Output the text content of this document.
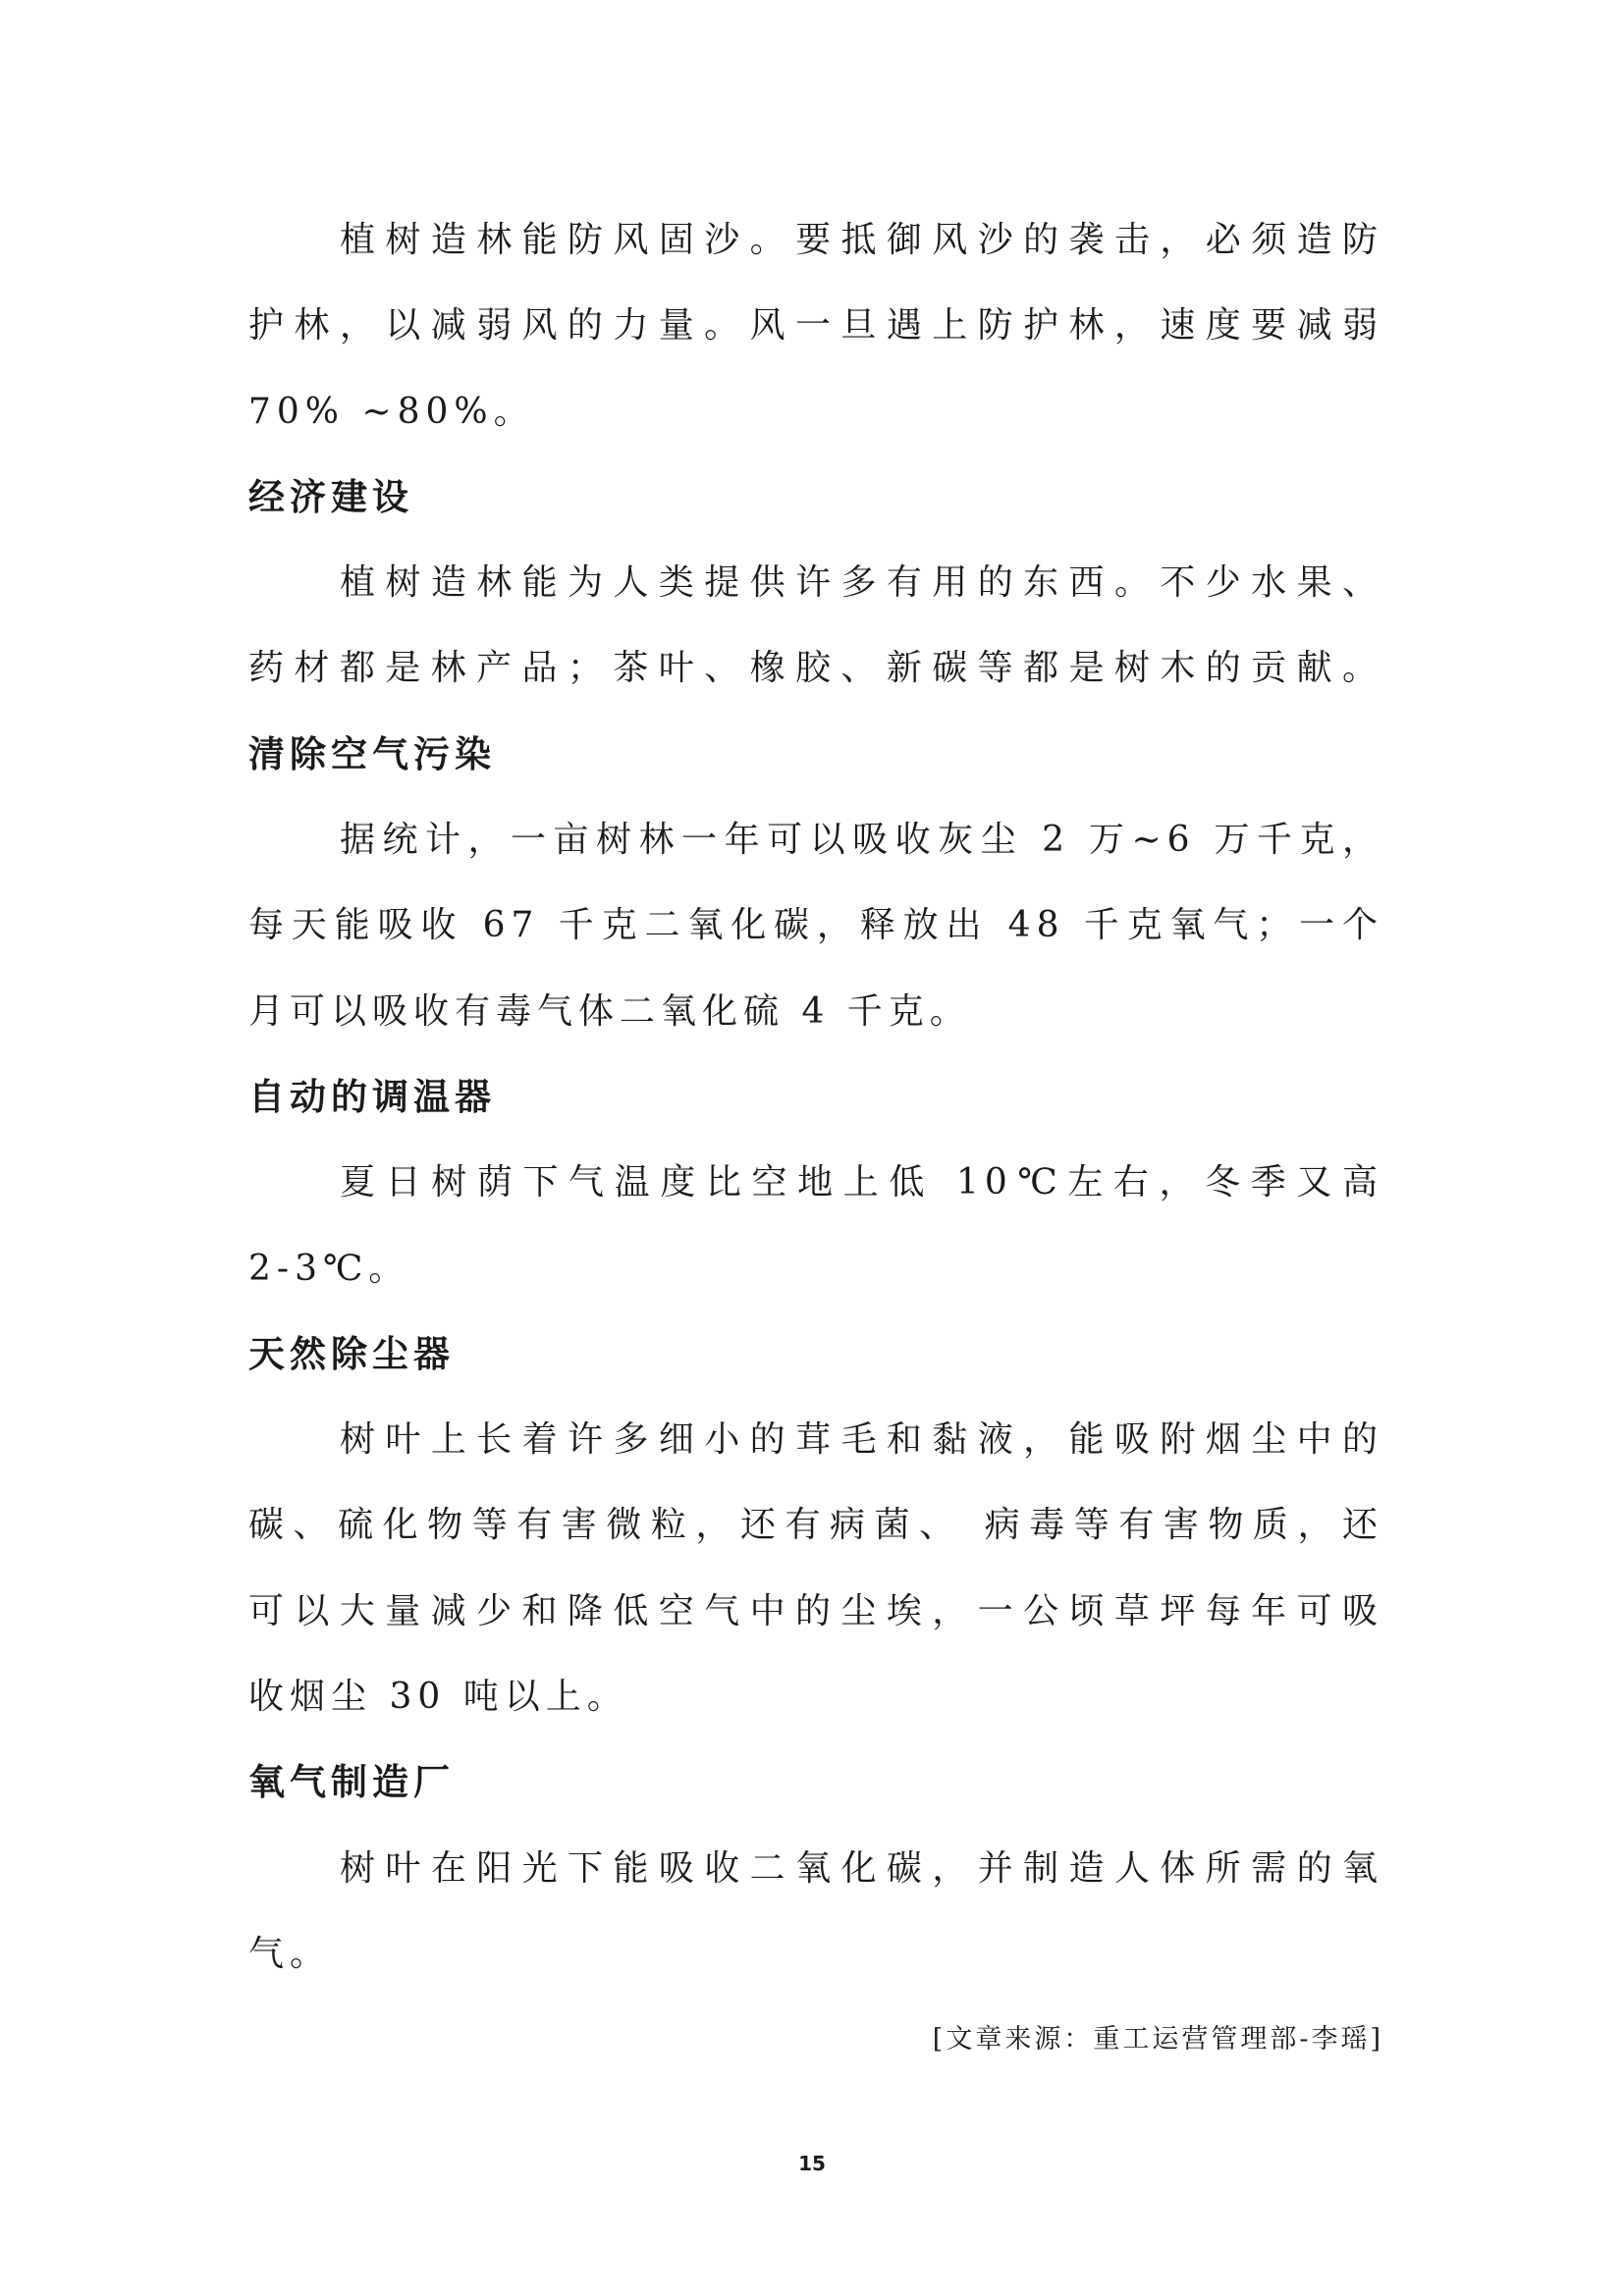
植树造林能防风固沙。要抵御风沙的袭击，必须造防
护林，以减弱风的力量。风一旦遇上防护林，速度要减弱
70% ~80%。
经济建设
植树造林能为人类提供许多有用的东西。不少水果、
药材都是林产品；茶叶、橡胶、新碳等都是树木的贡献。
清除空气污染
据统计，一亩树林一年可以吸收灰尘 2 万~6 万千克，
每天能吸收 67 千克二氧化碳，释放出 48 千克氧气；一个
月可以吸收有毒气体二氧化硫 4 千克。
自动的调温器
夏日树荫下气温度比空地上低 10℃左右，冬季又高
2-3℃。
天然除尘器
树叶上长着许多细小的茸毛和黏液，能吸附烟尘中的
碳、硫化物等有害微粒，还有病菌、 病毒等有害物质，还
可以大量减少和降低空气中的尘埃，一公顷草坪每年可吸
收烟尘 30 吨以上。
氧气制造厂
树叶在阳光下能吸收二氧化碳，并制造人体所需的氧
气。
[文章来源：重工运营管理部-李瑶]
15
